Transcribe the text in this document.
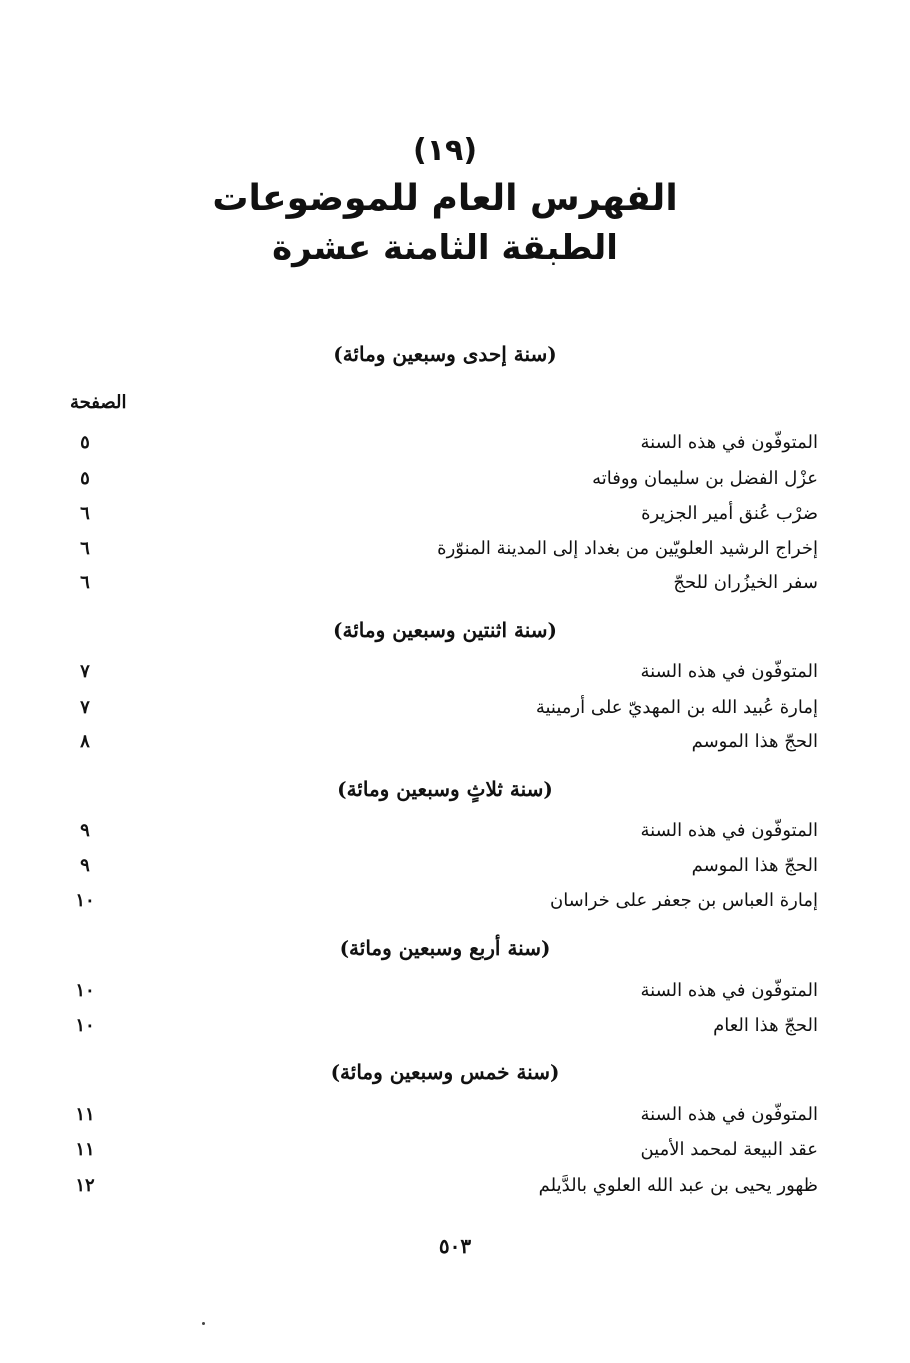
(١٩)
الفهرس العام للموضوعات
الطبقة الثامنة عشرة
(سنة إحدى وسبعين ومائة)
الصفحة
٥	المتوفّون في هذه السنة
٥	عزْل الفضل بن سليمان ووفاته
٦	ضرْب عُنق أمير الجزيرة
٦	إخراج الرشيد العلويّين من بغداد إلى المدينة المنوّرة
٦	سفر الخيزُران للحجّ
(سنة اثنتين وسبعين ومائة)
٧	المتوفّون في هذه السنة
٧	إمارة عُبيد الله بن المهديّ على أرمينية
٨	الحجّ هذا الموسم
(سنة ثلاثٍ وسبعين ومائة)
٩	المتوفّون في هذه السنة
٩	الحجّ هذا الموسم
١٠	إمارة العباس بن جعفر على خراسان
(سنة أربع وسبعين ومائة)
١٠	المتوفّون في هذه السنة
١٠	الحجّ هذا العام
(سنة خمس وسبعين ومائة)
١١	المتوفّون في هذه السنة
١١	عقد البيعة لمحمد الأمين
١٢	ظهور يحيى بن عبد الله العلوي بالدَّيلم
٥٠٣
